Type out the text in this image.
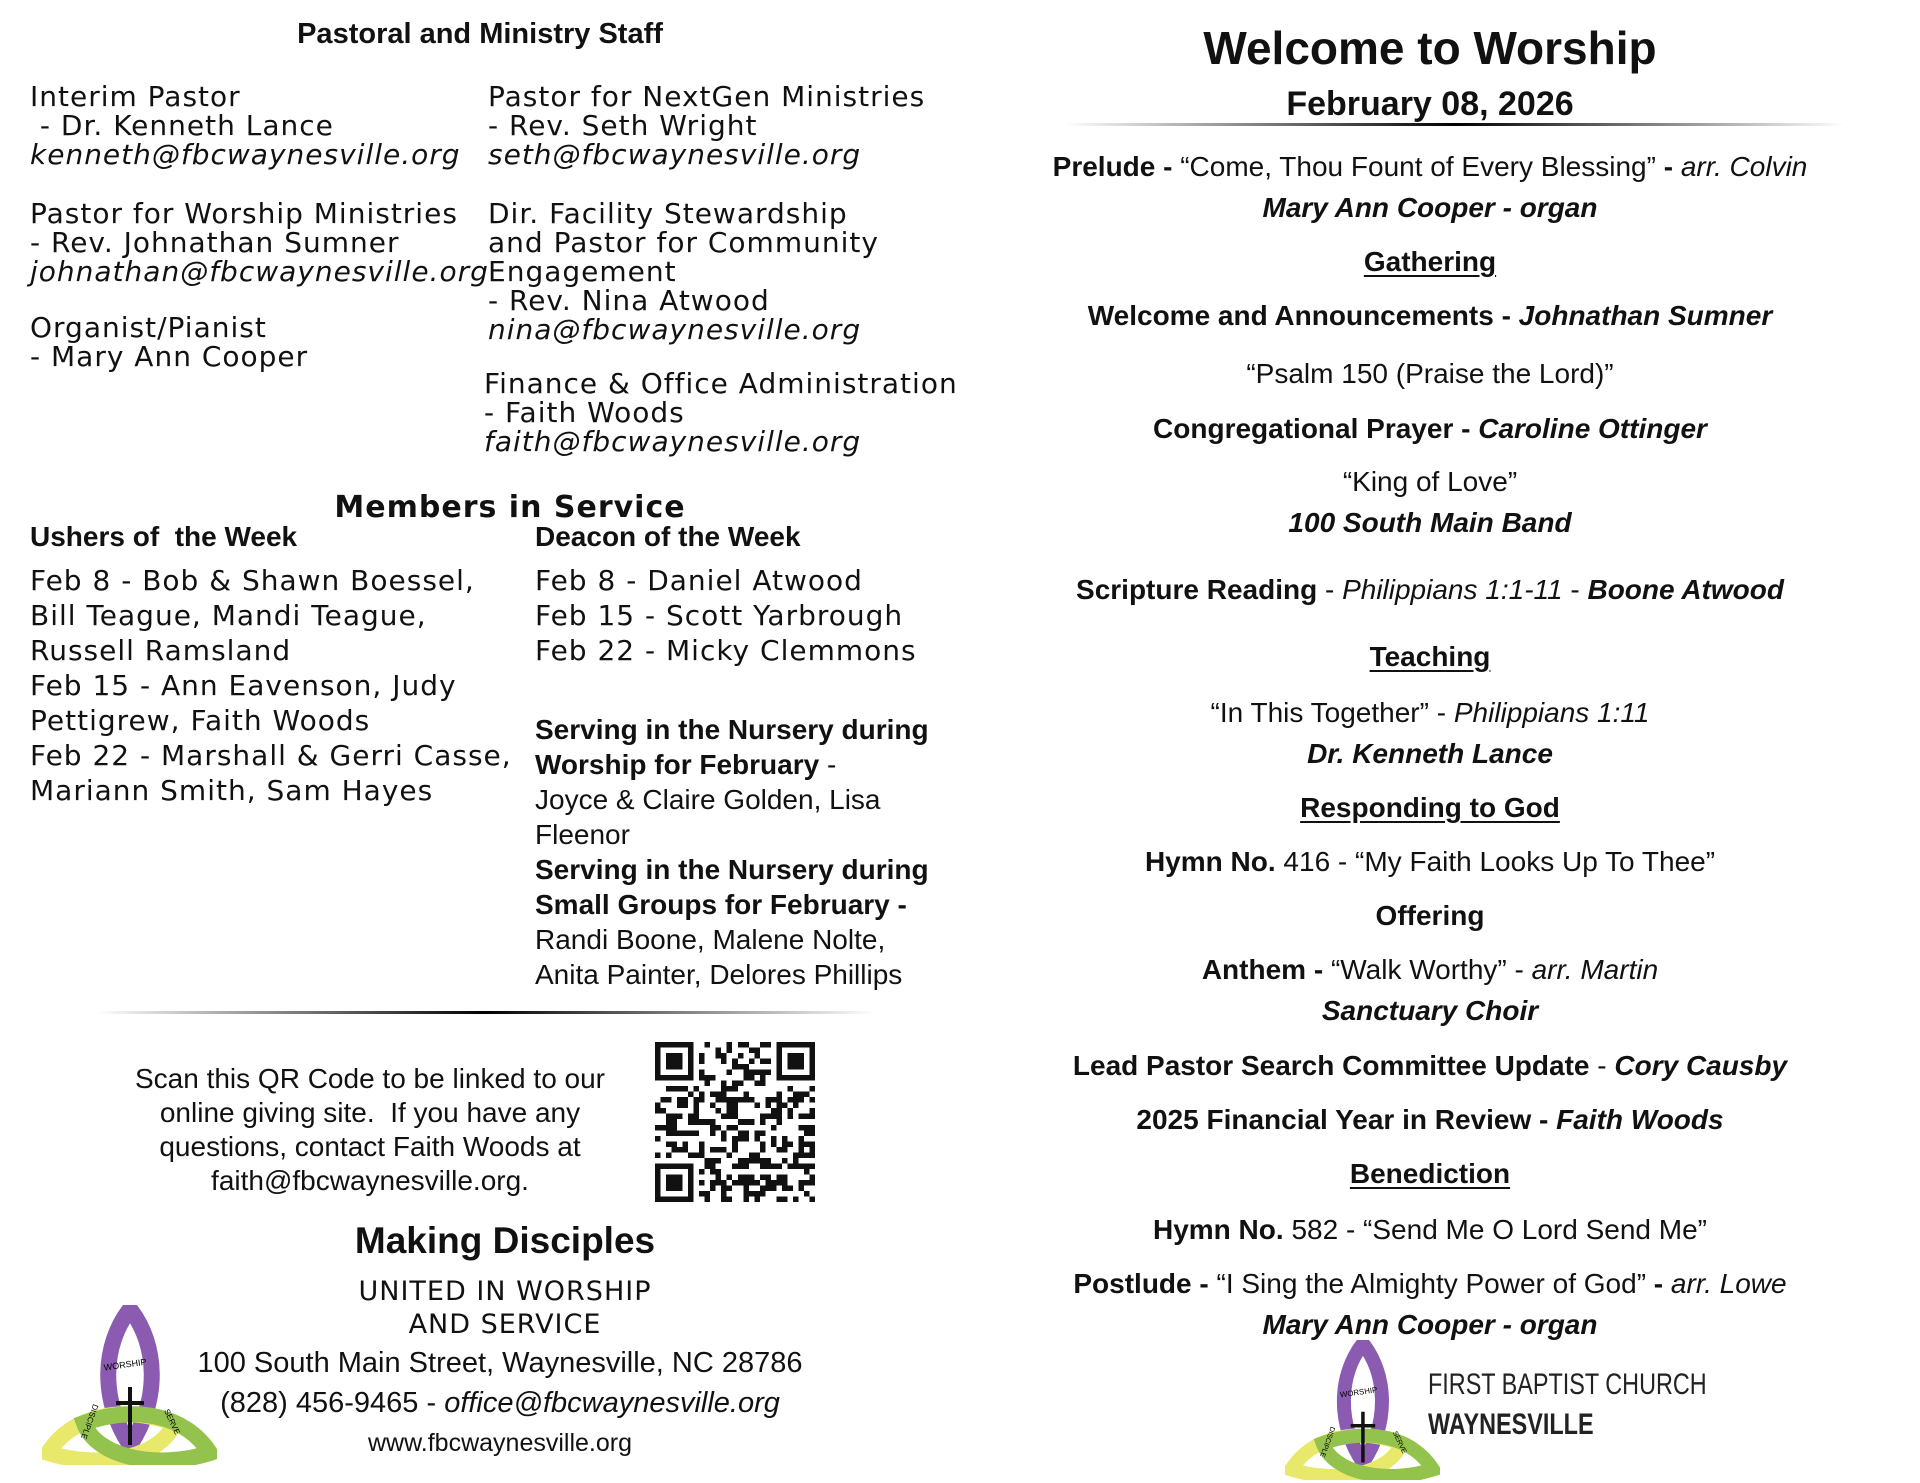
Pastoral and Ministry Staff
Interim Pastor
- Dr. Kenneth Lance
kenneth@fbcwaynesville.org
Pastor for Worship Ministries
- Rev. Johnathan Sumner
johnathan@fbcwaynesville.org
Organist/Pianist
- Mary Ann Cooper
Pastor for NextGen Ministries
- Rev. Seth Wright
seth@fbcwaynesville.org
Dir. Facility Stewardship
and Pastor for Community
Engagement
- Rev. Nina Atwood
nina@fbcwaynesville.org
Finance & Office Administration
- Faith Woods
faith@fbcwaynesville.org
Members in Service
Ushers of  the Week
Feb 8 - Bob & Shawn Boessel,
Bill Teague, Mandi Teague,
Russell Ramsland
Feb 15 - Ann Eavenson, Judy
Pettigrew, Faith Woods
Feb 22 - Marshall & Gerri Casse,
Mariann Smith, Sam Hayes
Deacon of the Week
Feb 8 - Daniel Atwood
Feb 15 - Scott Yarbrough
Feb 22 - Micky Clemmons
Serving in the Nursery during
Worship for February -
Joyce & Claire Golden, Lisa
Fleenor
Serving in the Nursery during
Small Groups for February -
Randi Boone, Malene Nolte,
Anita Painter, Delores Phillips
Scan this QR Code to be linked to our
online giving site.  If you have any
questions, contact Faith Woods at
faith@fbcwaynesville.org.
Making Disciples
UNITED IN WORSHIP
AND SERVICE
100 South Main Street, Waynesville, NC 28786
(828) 456-9465 - office@fbcwaynesville.org
www.fbcwaynesville.org
WORSHIP
SERVE
DISCIPLE
Welcome to Worship
February 08, 2026
Prelude - “Come, Thou Fount of Every Blessing” - arr. Colvin
Mary Ann Cooper - organ
Gathering
Welcome and Announcements - Johnathan Sumner
“Psalm 150 (Praise the Lord)”
Congregational Prayer - Caroline Ottinger
“King of Love”
100 South Main Band
Scripture Reading - Philippians 1:1-11 - Boone Atwood
Teaching
“In This Together” - Philippians 1:11
Dr. Kenneth Lance
Responding to God
Hymn No. 416 - “My Faith Looks Up To Thee”
Offering
Anthem - “Walk Worthy” - arr. Martin
Sanctuary Choir
Lead Pastor Search Committee Update - Cory Causby
2025 Financial Year in Review - Faith Woods
Benediction
Hymn No. 582 - “Send Me O Lord Send Me”
Postlude - “I Sing the Almighty Power of God” - arr. Lowe
Mary Ann Cooper - organ
WORSHIP
SERVE
DISCIPLE
FIRST BAPTIST CHURCH
WAYNESVILLE
